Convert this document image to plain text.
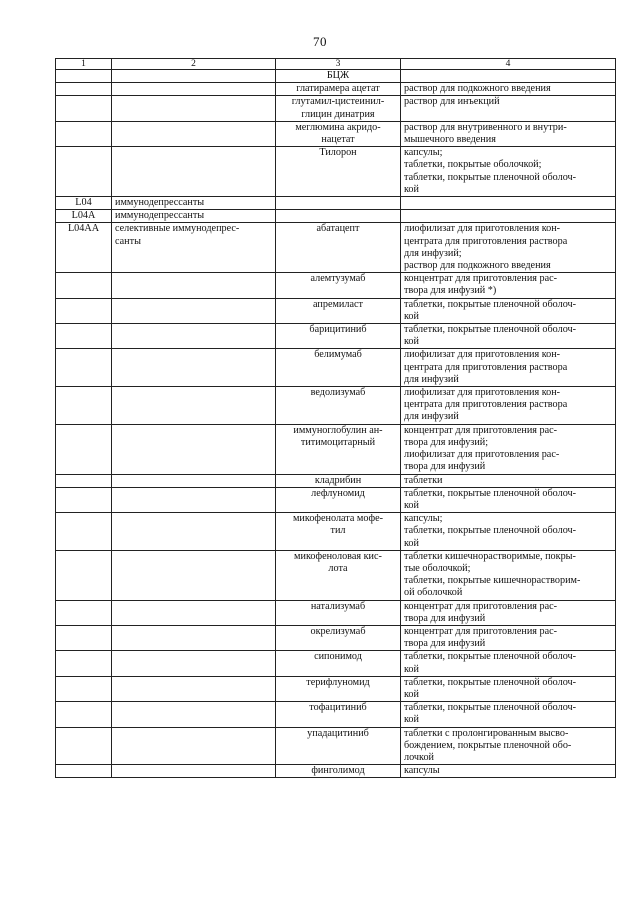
70
1	2	3	4
		БЦЖ	
		глатирамера ацетат	раствор для подкожного введения
		глутамил-цистеинил-
глицин динатрия	раствор для инъекций
		меглюмина акридо-
нацетат	раствор для внутривенного и внутри-
мышечного введения
		Тилорон	капсулы;
таблетки, покрытые оболочкой;
таблетки, покрытые пленочной оболоч-
кой
L04	иммунодепрессанты		
L04A	иммунодепрессанты		
L04AA	селективные иммунодепрес-
санты	абатацепт	лиофилизат для приготовления кон-
центрата для приготовления раствора
для инфузий;
раствор для подкожного введения
		алемтузумаб	концентрат для приготовления рас-
твора для инфузий *)
		апремиласт	таблетки, покрытые пленочной оболоч-
кой
		барицитиниб	таблетки, покрытые пленочной оболоч-
кой
		белимумаб	лиофилизат для приготовления кон-
центрата для приготовления раствора
для инфузий
		ведолизумаб	лиофилизат для приготовления кон-
центрата для приготовления раствора
для инфузий
		иммуноглобулин ан-
титимоцитарный	концентрат для приготовления рас-
твора для инфузий;
лиофилизат для приготовления рас-
твора для инфузий
		кладрибин	таблетки
		лефлуномид	таблетки, покрытые пленочной оболоч-
кой
		микофенолата мофе-
тил	капсулы;
таблетки, покрытые пленочной оболоч-
кой
		микофеноловая кис-
лота	таблетки кишечнорастворимые, покры-
тые оболочкой;
таблетки, покрытые кишечнорастворим-
ой оболочкой
		натализумаб	концентрат для приготовления рас-
твора для инфузий
		окрелизумаб	концентрат для приготовления рас-
твора для инфузий
		сипонимод	таблетки, покрытые пленочной оболоч-
кой
		терифлуномид	таблетки, покрытые пленочной оболоч-
кой
		тофацитиниб	таблетки, покрытые пленочной оболоч-
кой
		упадацитиниб	таблетки с пролонгированным высво-
бождением, покрытые пленочной обо-
лочкой
		финголимод	капсулы
